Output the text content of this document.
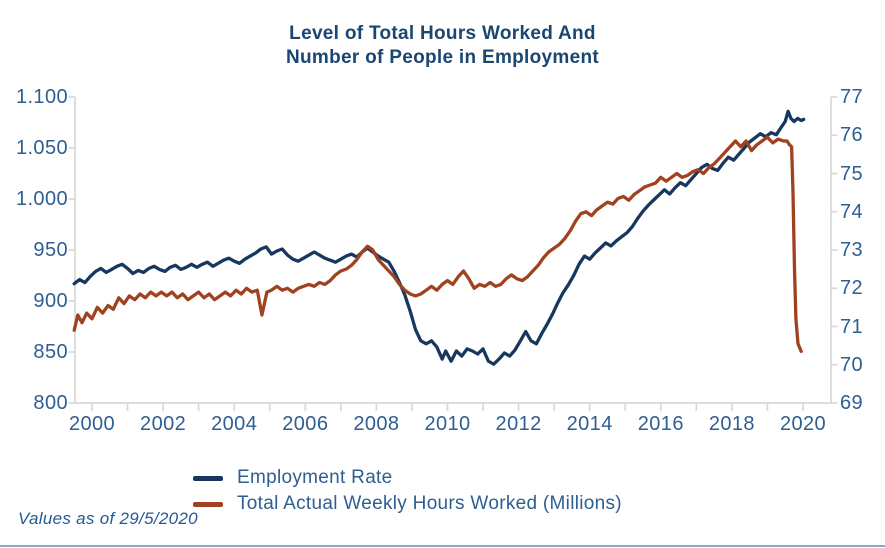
Level of Total Hours Worked And
Number of People in Employment
1.100
1.050
1.000
950
900
850
800
77
76
75
74
73
72
71
70
69
2000	2002	2004	2006	2008	2010	2012	2014	2016	2018	2020
Employment Rate
Total Actual Weekly Hours Worked (Millions)
Values as of 29/5/2020
